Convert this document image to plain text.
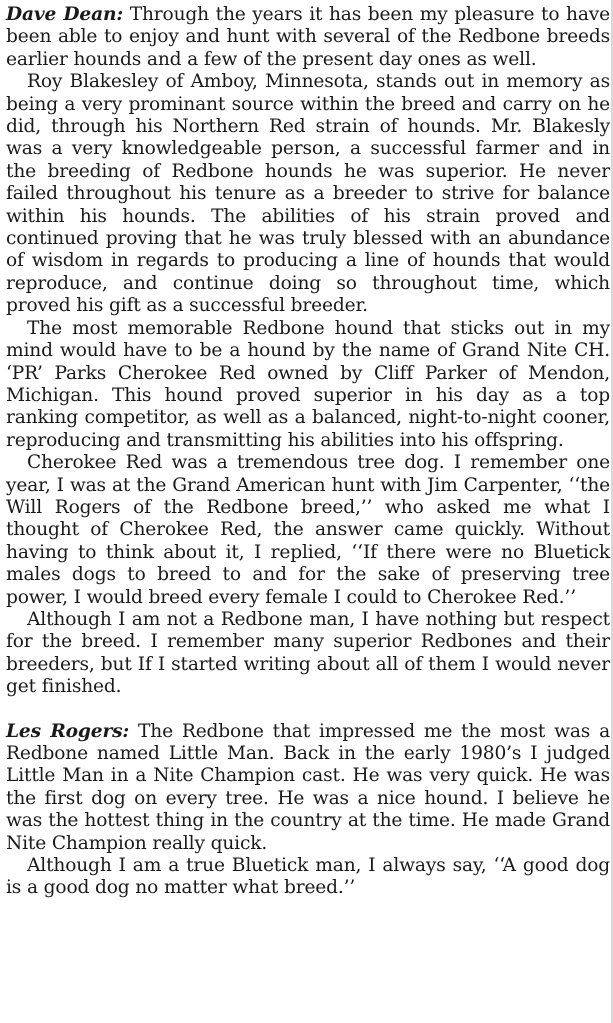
Dave Dean: Through the years it has been my pleasure to have been able to enjoy and hunt with several of the Redbone breeds earlier hounds and a few of the present day ones as well.

Roy Blakesley of Amboy, Minnesota, stands out in memory as being a very prominant source within the breed and carry on he did, through his Northern Red strain of hounds. Mr. Blakesly was a very knowledgeable person, a successful farmer and in the breeding of Redbone hounds he was superior. He never failed throughout his tenure as a breeder to strive for balance within his hounds. The abilities of his strain proved and continued proving that he was truly blessed with an abundance of wisdom in regards to producing a line of hounds that would reproduce, and continue doing so throughout time, which proved his gift as a successful breeder.

The most memorable Redbone hound that sticks out in my mind would have to be a hound by the name of Grand Nite CH. ‘PR’ Parks Cherokee Red owned by Cliff Parker of Mendon, Michigan. This hound proved superior in his day as a top ranking competitor, as well as a balanced, night-to-night cooner, reproducing and transmitting his abilities into his offspring.

Cherokee Red was a tremendous tree dog. I remember one year, I was at the Grand American hunt with Jim Carpenter, ‘‘the Will Rogers of the Redbone breed,’’ who asked me what I thought of Cherokee Red, the answer came quickly. Without having to think about it, I replied, ‘‘If there were no Bluetick males dogs to breed to and for the sake of preserving tree power, I would breed every female I could to Cherokee Red.’’

Although I am not a Redbone man, I have nothing but respect for the breed. I remember many superior Redbones and their breeders, but If I started writing about all of them I would never get finished.

Les Rogers: The Redbone that impressed me the most was a Redbone named Little Man. Back in the early 1980’s I judged Little Man in a Nite Champion cast. He was very quick. He was the first dog on every tree. He was a nice hound. I believe he was the hottest thing in the country at the time. He made Grand Nite Champion really quick.

Although I am a true Bluetick man, I always say, ‘‘A good dog is a good dog no matter what breed.’’
